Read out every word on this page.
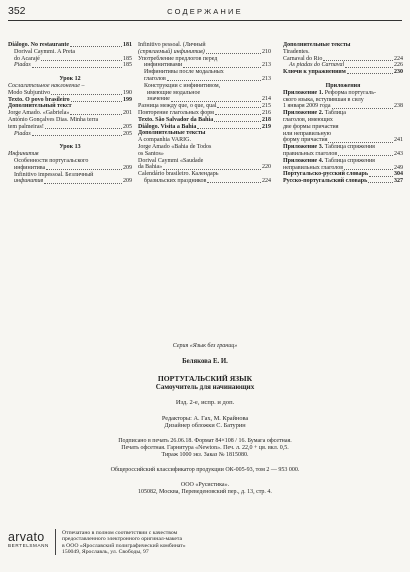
352	СОДЕРЖАНИЕ
Diálogo. No restaurante	181
Dorival Caymmi. A Preta
do Acarajé	185
Piadas	185
Урок 12
Сослагательное наклонение –
Modo Subjuntivo	190
Texto. O povo brasileiro	199
Дополнительный текст
Jorge Amado. «Gabriela»	201
António Gonçalves Dias. Minha terra
tem palmeiras!	205
Piadas	205
Урок 13
Инфинитив
Особенности португальского
инфинитива	209
Infinitivo impessoal. Безличный
инфинитив	209
Infinitivo pessoal. (Личный
(спрягаемый) инфинитив)	210
Употребление предлогов перед
инфинитивами	213
Инфинитивы после модальных
глаголов	213
Конструкции с инфинитивом,
имеющие модальное
значение	214
Разница между que, o que, qual	215
Повторение глагольных форм	216
Texto. São Salvador da Bahia	218
Diálogo. Visita a Bahia	219
Дополнительные тексты
A companhia VARIG.
Jorge Amado «Bahia de Todos
os Santos»
Dorival Caymmi «Saudade
da Bahia»	220
Calendário brasileiro. Календарь
бразильских праздников	224
Дополнительные тексты
Tiradentes.
Carnaval do Rio	224
As piadas do Carnaval	226
Ключи к упражнениям	230
Приложения
Приложение 1. Реформа португаль-
ского языка, вступившая в силу
1 января 2009 года	238
Приложение 2. Таблица
глаголов, имеющих
две формы причастия
или неправильную
форму причастия	241
Приложение 3. Таблица спряжения
правильных глаголов	243
Приложение 4. Таблица спряжения
неправильных глаголов	249
Португальско-русский словарь	304
Русско-португальский словарь	327
Серия «Язык без границ»
Белякова Е. И.
ПОРТУГАЛЬСКИЙ ЯЗЫК
Самоучитель для начинающих
Изд. 2-е, испр. и доп.
Редакторы: А. Гах, М. Крайнова
Дизайнер обложки С. Батурин
Подписано в печать 26.06.18. Формат 84×108 / 16. Бумага офсетная.
Печать офсетная. Гарнитура «Newton». Печ. л. 22,0 + цв. вкл. 0,5.
Тираж 1000 экз. Заказ № 1815080.
Общероссийский классификатор продукции ОК-005-93, том 2 — 953 000.
ООО «Русистика».
105082, Москва, Переведеновский пер., д. 13, стр. 4.
arvato
BERTELSMANN
Отпечатано в полном соответствии с качеством
предоставленного электронного оригинал-макета
в ООО «Ярославский полиграфический комбинат»
150049, Ярославль, ул. Свободы, 97
